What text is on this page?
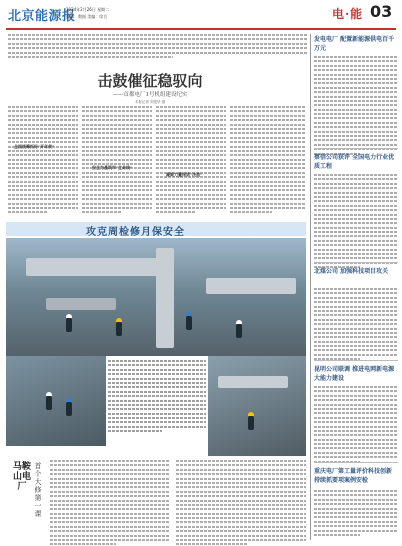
北京能源报
2024年2月26日 星期二
编辑：数据 美编：综合	电·能 03
击鼓催征稳驭向
——首都电厂1号机组建设纪实
本报记者 刘建华 摄
全面统筹抓好"开年供"
安全为基筑牢"生命线"
凝聚力量保质"决战"
攻克周检修月保安全
马鞍山电厂
首个大修第一课
发电电厂 配置新能源供电百千万元
蔡信公司获评 全国电力行业优质工程
北煤公司 加强科技项目攻关
昆明公司联调 推进电网新电源大能力建设
重庆电厂第工量评价科技创新 持续抓要项案例安检
